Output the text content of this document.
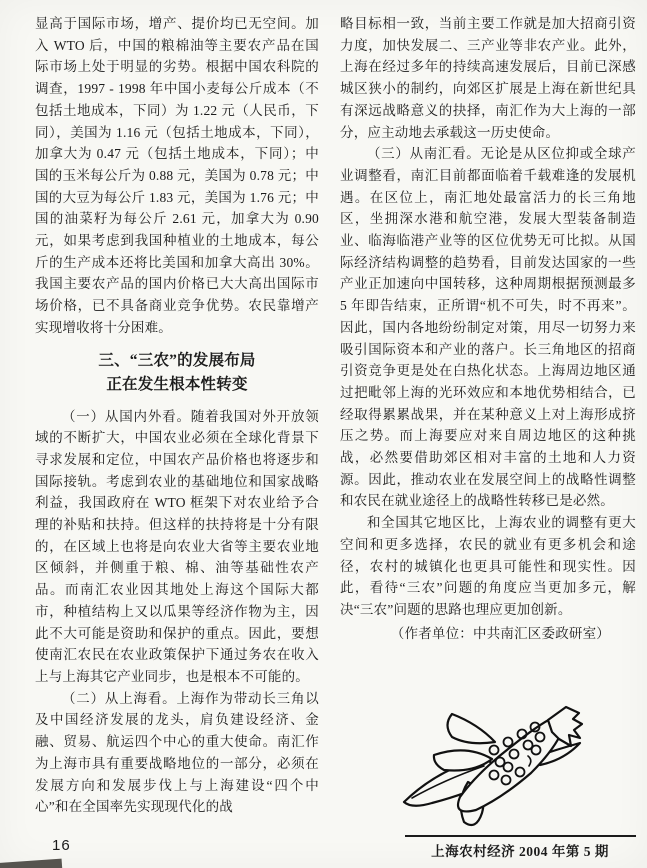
显高于国际市场，增产、提价均已无空间。加入 WTO 后，中国的粮棉油等主要农产品在国际市场上处于明显的劣势。根据中国农科院的调查，1997 - 1998 年中国小麦每公斤成本（不包括土地成本，下同）为 1.22 元（人民币，下同），美国为 1.16 元（包括土地成本，下同），加拿大为 0.47 元（包括土地成本，下同）；中国的玉米每公斤为 0.88 元，美国为 0.78 元；中国的大豆为每公斤 1.83 元，美国为 1.76 元；中国的油菜籽为每公斤 2.61 元，加拿大为 0.90 元，如果考虑到我国种植业的土地成本，每公斤的生产成本还将比美国和加拿大高出 30%。我国主要农产品的国内价格已大大高出国际市场价格，已不具备商业竞争优势。农民靠增产实现增收将十分困难。

三、“三农”的发展布局
正在发生根本性转变

（一）从国内外看。随着我国对外开放领域的不断扩大，中国农业必须在全球化背景下寻求发展和定位，中国农产品价格也将逐步和国际接轨。考虑到农业的基础地位和国家战略利益，我国政府在 WTO 框架下对农业给予合理的补贴和扶持。但这样的扶持将是十分有限的，在区域上也将是向农业大省等主要农业地区倾斜，并侧重于粮、棉、油等基础性农产品。而南汇农业因其地处上海这个国际大都市，种植结构上又以瓜果等经济作物为主，因此不大可能是资助和保护的重点。因此，要想使南汇农民在农业政策保护下通过务农在收入上与上海其它产业同步，也是根本不可能的。

（二）从上海看。上海作为带动长三角以及中国经济发展的龙头，肩负建设经济、金融、贸易、航运四个中心的重大使命。南汇作为上海市具有重要战略地位的一部分，必须在发展方向和发展步伐上与上海建设“四个中心”和在全国率先实现现代化的战

略目标相一致，当前主要工作就是加大招商引资力度，加快发展二、三产业等非农产业。此外，上海在经过多年的持续高速发展后，目前已深感城区狭小的制约，向郊区扩展是上海在新世纪具有深远战略意义的抉择，南汇作为大上海的一部分，应主动地去承载这一历史使命。

（三）从南汇看。无论是从区位抑或全球产业调整看，南汇目前都面临着千载难逢的发展机遇。在区位上，南汇地处最富活力的长三角地区，坐拥深水港和航空港，发展大型装备制造业、临海临港产业等的区位优势无可比拟。从国际经济结构调整的趋势看，目前发达国家的一些产业正加速向中国转移，这种周期根据预测最多 5 年即告结束，正所谓“机不可失，时不再来”。因此，国内各地纷纷制定对策，用尽一切努力来吸引国际资本和产业的落户。长三角地区的招商引资竞争更是处在白热化状态。上海周边地区通过把毗邻上海的光环效应和本地优势相结合，已经取得累累战果，并在某种意义上对上海形成挤压之势。而上海要应对来自周边地区的这种挑战，必然要借助郊区相对丰富的土地和人力资源。因此，推动农业在发展空间上的战略性调整和农民在就业途径上的战略性转移已是必然。

和全国其它地区比，上海农业的调整有更大空间和更多选择，农民的就业有更多机会和途径，农村的城镇化也更具可能性和现实性。因此，看待“三农”问题的角度应当更加多元，解决“三农”问题的思路也理应更加创新。

（作者单位：中共南汇区委政研室）

上海农村经济 2004 年第 5 期
16
